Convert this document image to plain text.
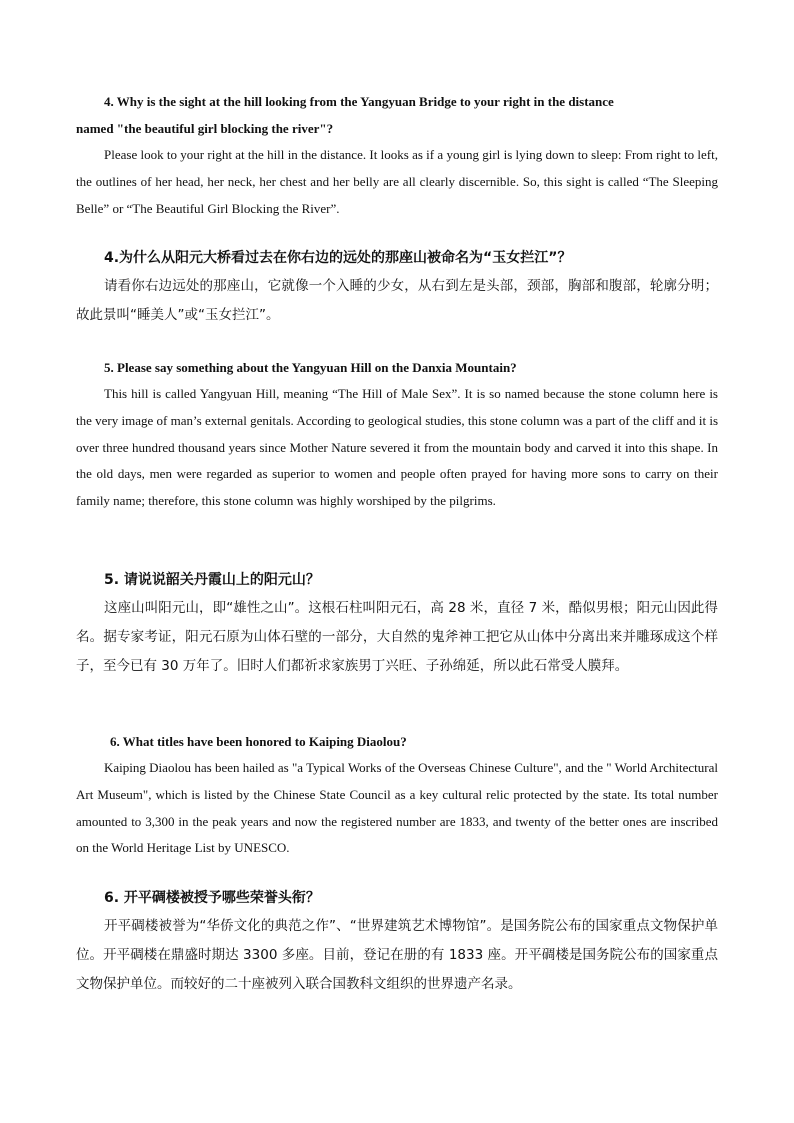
4. Why is the sight at the hill looking from the Yangyuan Bridge to your right in the distance
named "the beautiful girl blocking the river"?

Please look to your right at the hill in the distance. It looks as if a young girl is lying down to sleep: From right to left, the outlines of her head, her neck, her chest and her belly are all clearly discernible. So, this sight is called “The Sleeping Belle” or “The Beautiful Girl Blocking the River”.

4.为什么从阳元大桥看过去在你右边的远处的那座山被命名为“玉女拦江”？

请看你右边远处的那座山，它就像一个入睡的少女，从右到左是头部，颈部，胸部和腹部，轮廓分明；故此景叫“睡美人”或“玉女拦江”。

5. Please say something about the Yangyuan Hill on the Danxia Mountain?

This hill is called Yangyuan Hill, meaning “The Hill of Male Sex”. It is so named because the stone column here is the very image of man’s external genitals. According to geological studies, this stone column was a part of the cliff and it is over three hundred thousand years since Mother Nature severed it from the mountain body and carved it into this shape. In the old days, men were regarded as superior to women and people often prayed for having more sons to carry on their family name; therefore, this stone column was highly worshiped by the pilgrims.

5. 请说说韶关丹霞山上的阳元山？

这座山叫阳元山，即“雄性之山”。这根石柱叫阳元石，高 28 米，直径 7 米，酷似男根；阳元山因此得名。据专家考证，阳元石原为山体石壁的一部分，大自然的鬼斧神工把它从山体中分离出来并雕琢成这个样子，至今已有 30 万年了。旧时人们都祈求家族男丁兴旺、子孙绵延，所以此石常受人膜拜。

6. What titles have been honored to Kaiping Diaolou?

Kaiping Diaolou has been hailed as "a Typical Works of the Overseas Chinese Culture", and the " World Architectural Art Museum", which is listed by the Chinese State Council as a key cultural relic protected by the state. Its total number amounted to 3,300 in the peak years and now the registered number are 1833, and twenty of the better ones are inscribed on the World Heritage List by UNESCO.

6. 开平碉楼被授予哪些荣誉头衔？

开平碉楼被誉为“华侨文化的典范之作”、“世界建筑艺术博物馆”。是国务院公布的国家重点文物保护单位。开平碉楼在鼎盛时期达 3300 多座。目前，登记在册的有 1833 座。开平碉楼是国务院公布的国家重点文物保护单位。而较好的二十座被列入联合国教科文组织的世界遗产名录。
